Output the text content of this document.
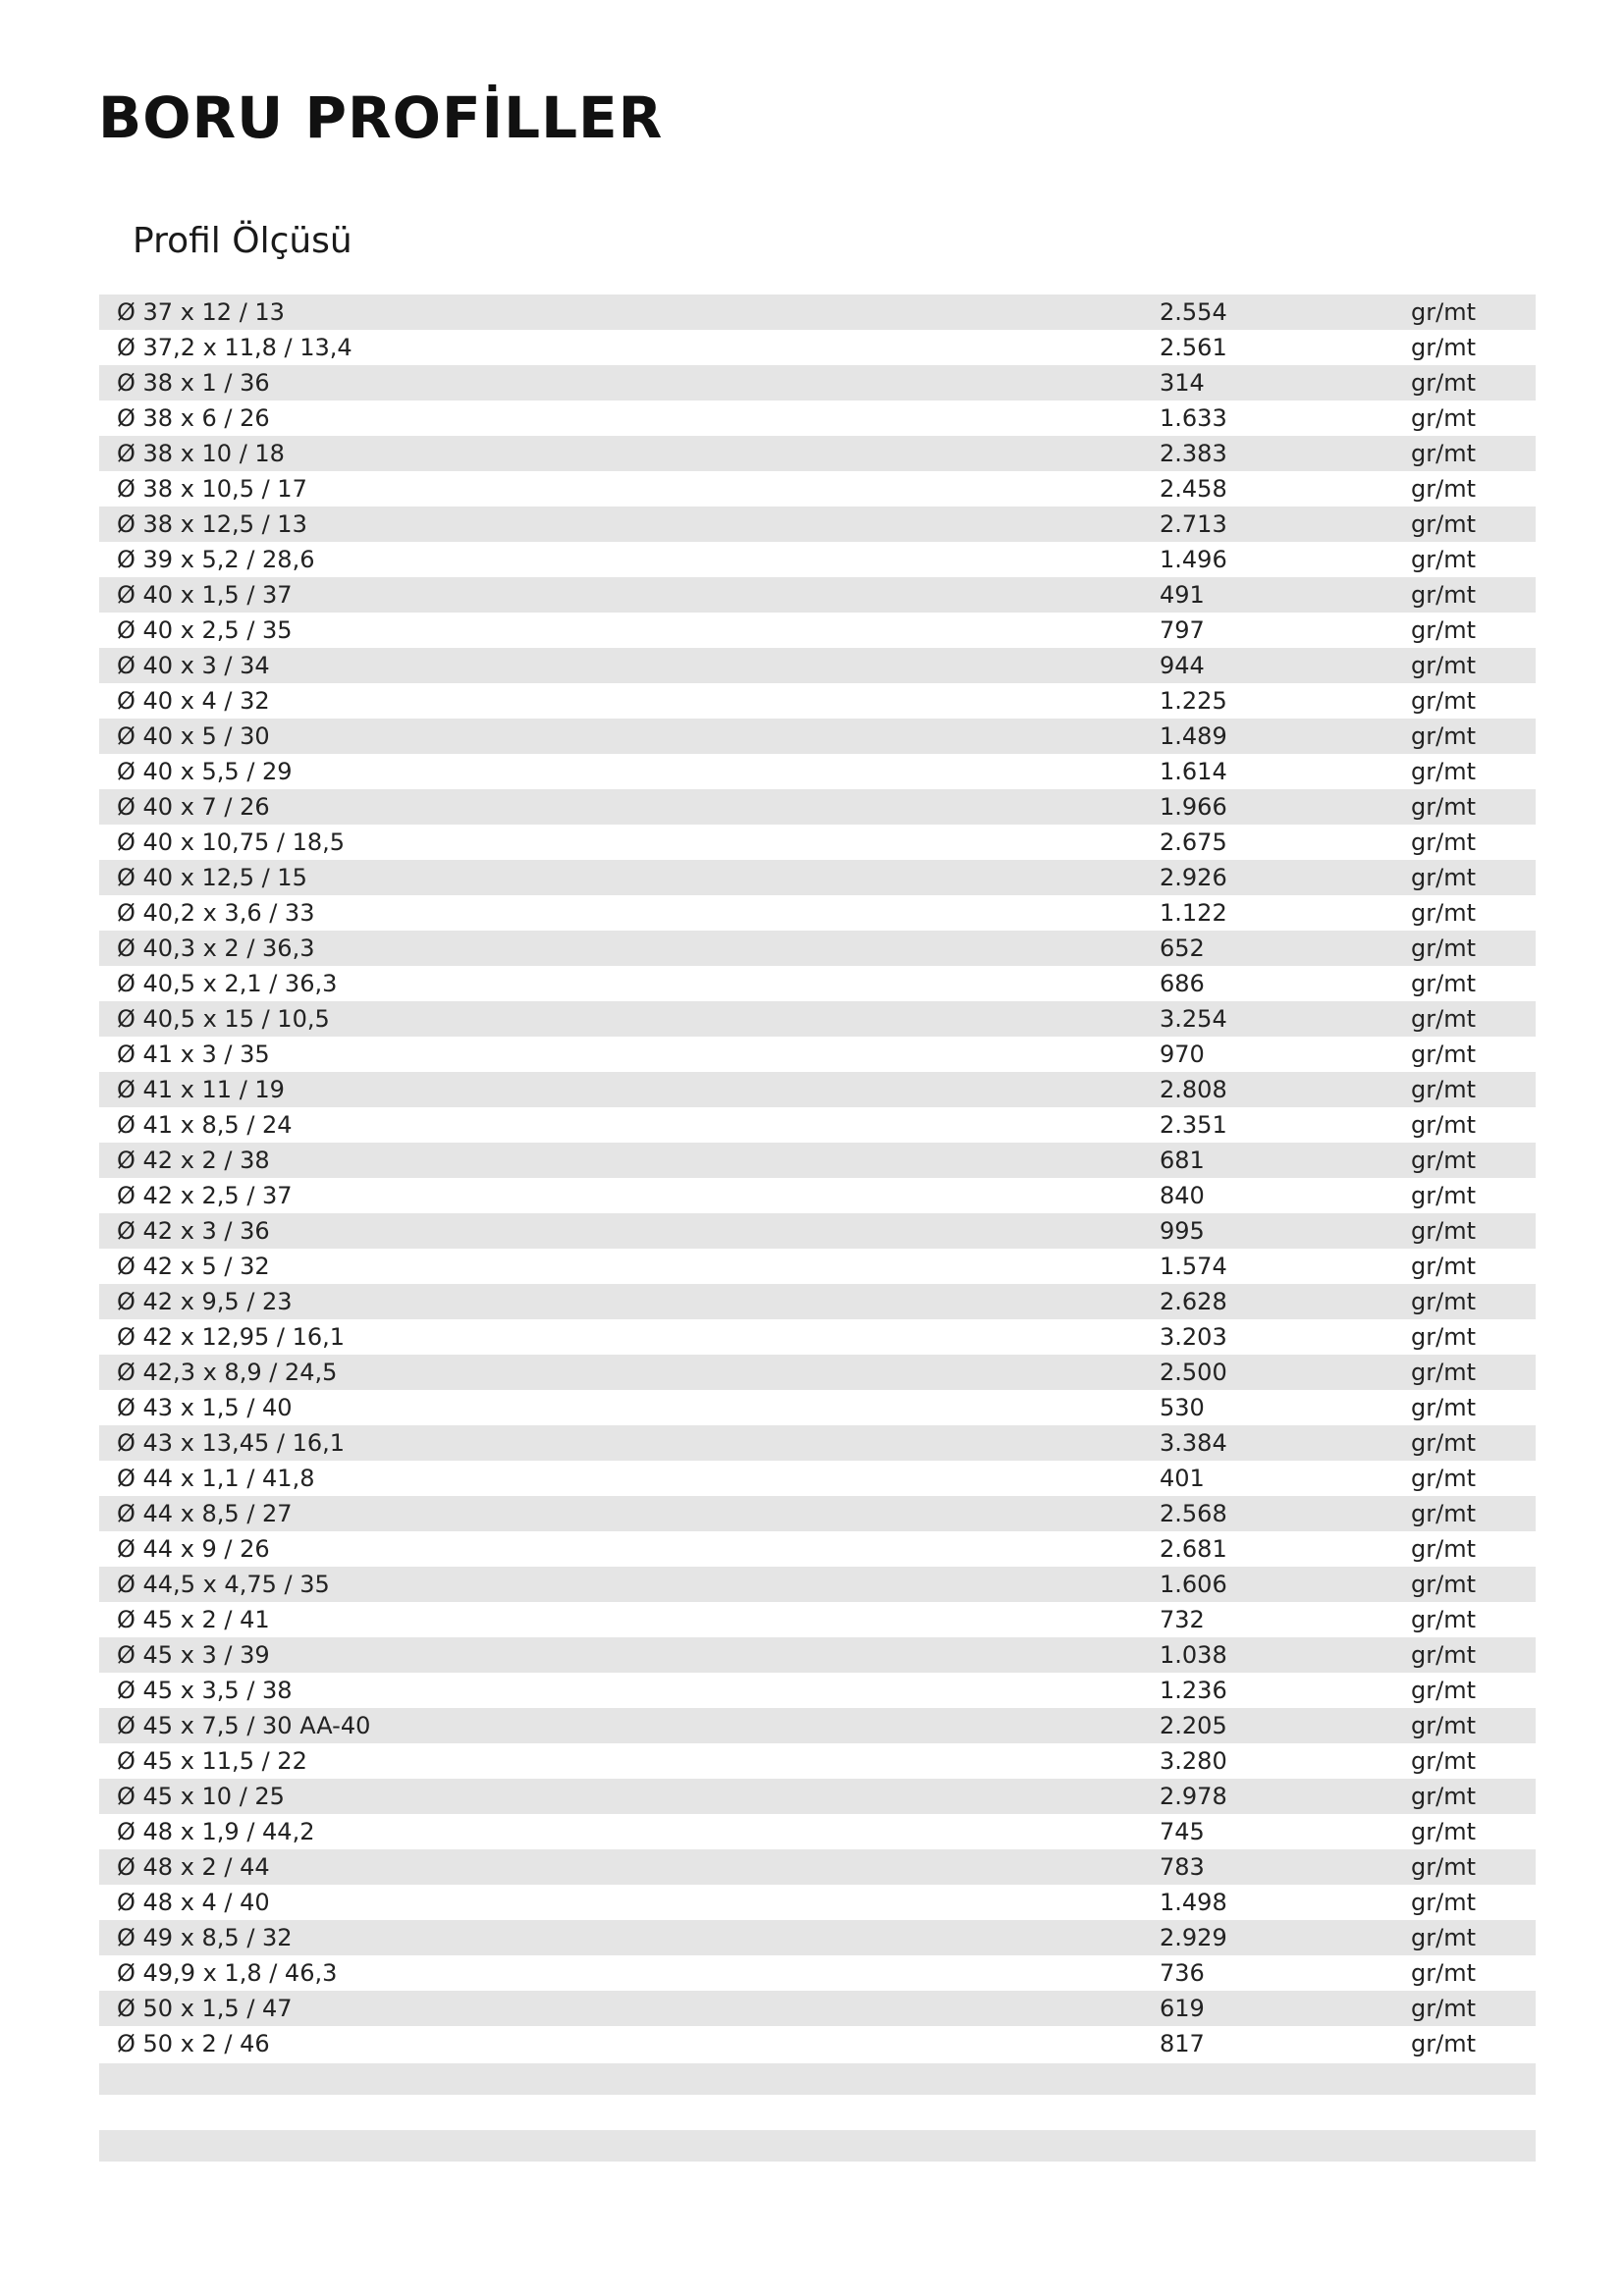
BORU PROFİLLER
Profil Ölçüsü
Ø 37 x 12 / 13	2.554	gr/mt
Ø 37,2 x 11,8 / 13,4	2.561	gr/mt
Ø 38 x 1 / 36	314	gr/mt
Ø 38 x 6 / 26	1.633	gr/mt
Ø 38 x 10 / 18	2.383	gr/mt
Ø 38 x 10,5 / 17	2.458	gr/mt
Ø 38 x 12,5 / 13	2.713	gr/mt
Ø 39 x 5,2 / 28,6	1.496	gr/mt
Ø 40 x 1,5 / 37	491	gr/mt
Ø 40 x 2,5 / 35	797	gr/mt
Ø 40 x 3 / 34	944	gr/mt
Ø 40 x 4 / 32	1.225	gr/mt
Ø 40 x 5 / 30	1.489	gr/mt
Ø 40 x 5,5 / 29	1.614	gr/mt
Ø 40 x 7 / 26	1.966	gr/mt
Ø 40 x 10,75 / 18,5	2.675	gr/mt
Ø 40 x 12,5 / 15	2.926	gr/mt
Ø 40,2 x 3,6 / 33	1.122	gr/mt
Ø 40,3 x 2 / 36,3	652	gr/mt
Ø 40,5 x 2,1 / 36,3	686	gr/mt
Ø 40,5 x 15 / 10,5	3.254	gr/mt
Ø 41 x 3 / 35	970	gr/mt
Ø 41 x 11 / 19	2.808	gr/mt
Ø 41 x 8,5 / 24	2.351	gr/mt
Ø 42 x 2 / 38	681	gr/mt
Ø 42 x 2,5 / 37	840	gr/mt
Ø 42 x 3 / 36	995	gr/mt
Ø 42 x 5 / 32	1.574	gr/mt
Ø 42 x 9,5 / 23	2.628	gr/mt
Ø 42 x 12,95 / 16,1	3.203	gr/mt
Ø 42,3 x 8,9 / 24,5	2.500	gr/mt
Ø 43 x 1,5 / 40	530	gr/mt
Ø 43 x 13,45 / 16,1	3.384	gr/mt
Ø 44 x 1,1 / 41,8	401	gr/mt
Ø 44 x 8,5 / 27	2.568	gr/mt
Ø 44 x 9 / 26	2.681	gr/mt
Ø 44,5 x 4,75 / 35	1.606	gr/mt
Ø 45 x 2 / 41	732	gr/mt
Ø 45 x 3 / 39	1.038	gr/mt
Ø 45 x 3,5 / 38	1.236	gr/mt
Ø 45 x 7,5 / 30 AA-40	2.205	gr/mt
Ø 45 x 11,5 / 22	3.280	gr/mt
Ø 45 x 10 / 25	2.978	gr/mt
Ø 48 x 1,9 / 44,2	745	gr/mt
Ø 48 x 2 / 44	783	gr/mt
Ø 48 x 4 / 40	1.498	gr/mt
Ø 49 x 8,5 / 32	2.929	gr/mt
Ø 49,9 x 1,8 / 46,3	736	gr/mt
Ø 50 x 1,5 / 47	619	gr/mt
Ø 50 x 2 / 46	817	gr/mt
